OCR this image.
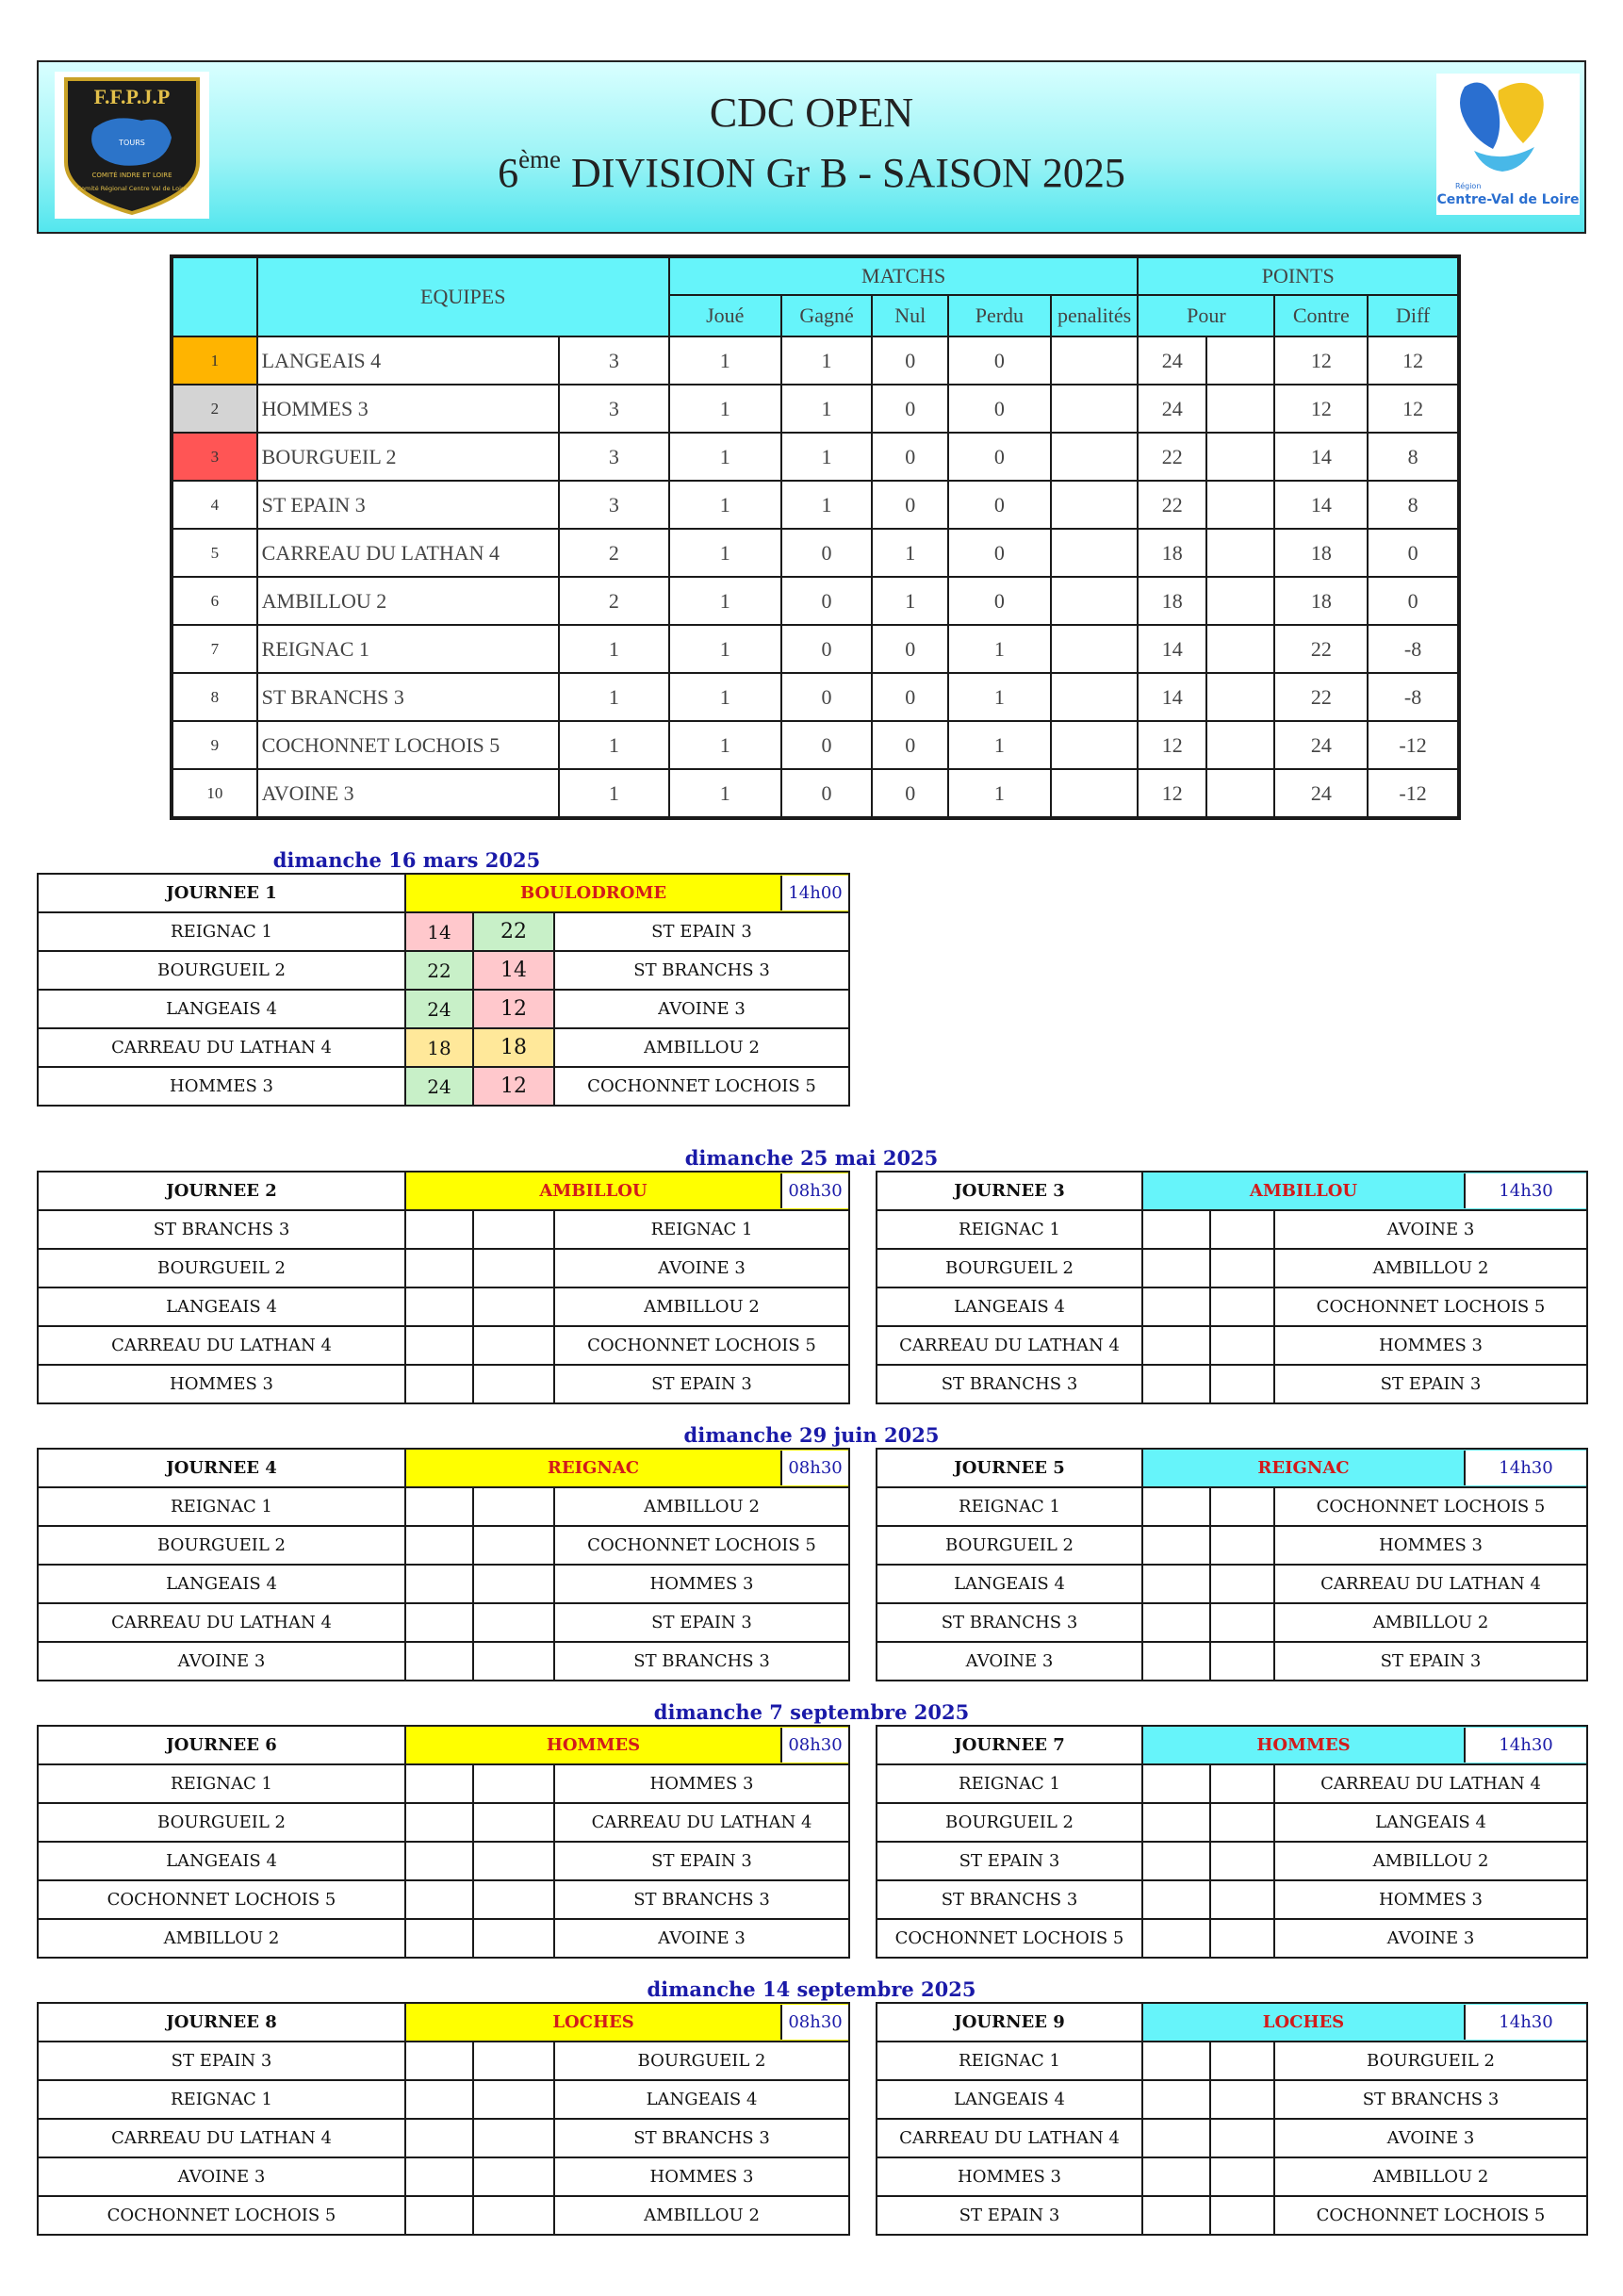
F.F.P.J.P
TOURS
COMITÉ INDRE ET LOIRE
Comité Régional Centre Val de Loire	Région
Centre-Val de Loire
CDC OPEN
6ème DIVISION Gr B - SAISON 2025
	EQUIPES		MATCHS					POINTS			
			Joué	Gagné	Nul	Perdu	penalités	Pour		Contre	Diff
1	LANGEAIS 4	3	1	1	0	0		24		12	12
2	HOMMES 3	3	1	1	0	0		24		12	12
3	BOURGUEIL 2	3	1	1	0	0		22		14	8
4	ST EPAIN 3	3	1	1	0	0		22		14	8
5	CARREAU DU LATHAN 4	2	1	0	1	0		18		18	0
6	AMBILLOU 2	2	1	0	1	0		18		18	0
7	REIGNAC 1	1	1	0	0	1		14		22	-8
8	ST BRANCHS 3	1	1	0	0	1		14		22	-8
9	COCHONNET LOCHOIS 5	1	1	0	0	1		12		24	-12
10	AVOINE 3	1	1	0	0	1		12		24	-12
dimanche 16 mars 2025
dimanche 25 mai 2025
dimanche 29 juin 2025
dimanche 7 septembre 2025
dimanche 14 septembre 2025
JOURNEE 1	BOULODROME 14h00		

REIGNAC 1	14	22	ST EPAIN 3
BOURGUEIL 2	22	14	ST BRANCHS 3
LANGEAIS 4	24	12	AVOINE 3
CARREAU DU LATHAN 4	18	18	AMBILLOU 2
HOMMES 3	24	12	COCHONNET LOCHOIS 5
JOURNEE 2	AMBILLOU 08h30		

ST BRANCHS 3			REIGNAC 1
BOURGUEIL 2			AVOINE 3
LANGEAIS 4			AMBILLOU 2
CARREAU DU LATHAN 4			COCHONNET LOCHOIS 5
HOMMES 3			ST EPAIN 3
JOURNEE 3	AMBILLOU 14h30		

REIGNAC 1			AVOINE 3
BOURGUEIL 2			AMBILLOU 2
LANGEAIS 4			COCHONNET LOCHOIS 5
CARREAU DU LATHAN 4			HOMMES 3
ST BRANCHS 3			ST EPAIN 3
JOURNEE 4	REIGNAC 08h30		

REIGNAC 1			AMBILLOU 2
BOURGUEIL 2			COCHONNET LOCHOIS 5
LANGEAIS 4			HOMMES 3
CARREAU DU LATHAN 4			ST EPAIN 3
AVOINE 3			ST BRANCHS 3
JOURNEE 5	REIGNAC 14h30		

REIGNAC 1			COCHONNET LOCHOIS 5
BOURGUEIL 2			HOMMES 3
LANGEAIS 4			CARREAU DU LATHAN 4
ST BRANCHS 3			AMBILLOU 2
AVOINE 3			ST EPAIN 3
JOURNEE 6	HOMMES 08h30		

REIGNAC 1			HOMMES 3
BOURGUEIL 2			CARREAU DU LATHAN 4
LANGEAIS 4			ST EPAIN 3
COCHONNET LOCHOIS 5			ST BRANCHS 3
AMBILLOU 2			AVOINE 3
JOURNEE 7	HOMMES 14h30		

REIGNAC 1			CARREAU DU LATHAN 4
BOURGUEIL 2			LANGEAIS 4
ST EPAIN 3			AMBILLOU 2
ST BRANCHS 3			HOMMES 3
COCHONNET LOCHOIS 5			AVOINE 3
JOURNEE 8	LOCHES 08h30		

ST EPAIN 3			BOURGUEIL 2
REIGNAC 1			LANGEAIS 4
CARREAU DU LATHAN 4			ST BRANCHS 3
AVOINE 3			HOMMES 3
COCHONNET LOCHOIS 5			AMBILLOU 2
JOURNEE 9	LOCHES 14h30		

REIGNAC 1			BOURGUEIL 2
LANGEAIS 4			ST BRANCHS 3
CARREAU DU LATHAN 4			AVOINE 3
HOMMES 3			AMBILLOU 2
ST EPAIN 3			COCHONNET LOCHOIS 5
